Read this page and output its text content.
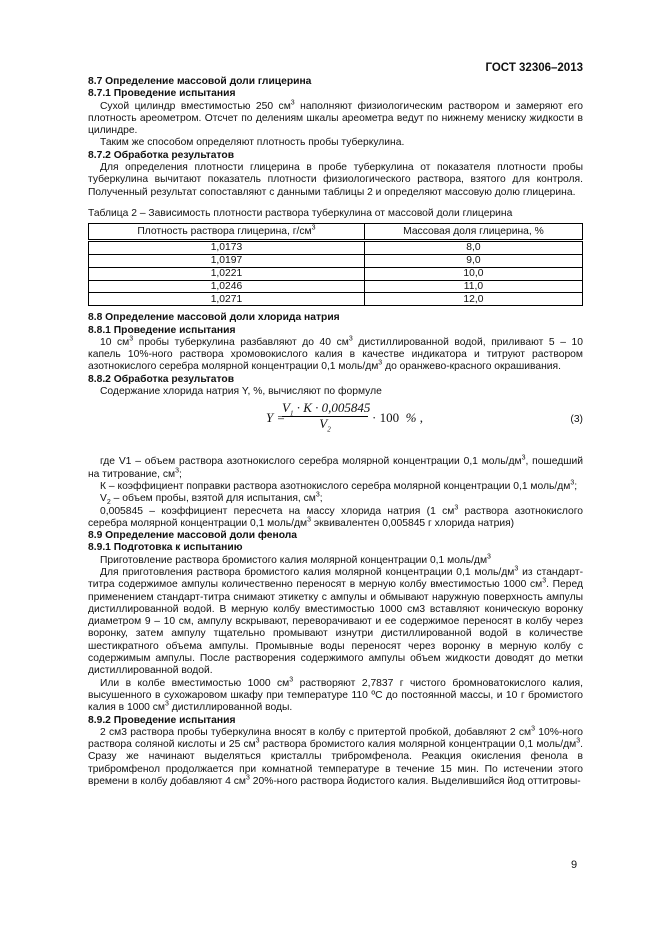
ГОСТ 32306–2013

8.7 Определение массовой доли глицерина

8.7.1 Проведение испытания

Сухой цилиндр вместимостью 250 $см^3$ наполняют физиологическим раствором и замеряют его плотность ареометром. Отсчет по делениям шкалы ареометра ведут по нижнему мениску жидкости в цилиндре.

Таким же способом определяют плотность пробы туберкулина.

8.7.2 Обработка результатов

Для определения плотности глицерина в пробе туберкулина от показателя плотности пробы туберкулина вычитают показатель плотности физиологического раствора, взятого для контроля. Полученный результат сопоставляют с данными таблицы 2 и определяют массовую долю глицерина.

Таблица 2 – Зависимость плотности раствора туберкулина от массовой доли глицерина

Плотность раствора глицерина, $г/см^3$	Массовая доля глицерина, %
1,0173	8,0
1,0197	9,0
1,0221	10,0
1,0246	11,0
1,0271	12,0

8.8 Определение массовой доли хлорида натрия

8.8.1 Проведение испытания

10 $см^3$ пробы туберкулина разбавляют до 40 $см^3$ дистиллированной водой, приливают 5 – 10 капель 10%-ного раствора хромовокислого калия в качестве индикатора и титруют раствором азотнокислого серебра молярной концентрации 0,1 моль/$дм^3$ до оранжево-красного окрашивания.

8.8.2 Обработка результатов

Содержание хлорида натрия Y, %, вычисляют по формуле

Y =
$\frac{V_1 \cdot K \cdot 0,005845}{V_2} \cdot 100$ % ,	(3)

где V1 – объем раствора азотнокислого серебра молярной концентрации 0,1 моль/$дм^3$, пошедший на титрование, $см^3$;

К – коэффициент поправки раствора азотнокислого серебра молярной концентрации 0,1 моль/$дм^3$;

$V_2$ – объем пробы, взятой для испытания, $см^3$;

0,005845 – коэффициент пересчета на массу хлорида натрия (1 $см^3$ раствора азотнокислого серебра молярной концентрации 0,1 моль/$дм^3$ эквивалентен 0,005845 г хлорида натрия)

8.9 Определение массовой доли фенола

8.9.1 Подготовка к испытанию

Приготовление раствора бромистого калия молярной концентрации 0,1 моль/$дм^3$

Для приготовления раствора бромистого калия молярной концентрации 0,1 моль/$дм^3$ из стандарт-титра содержимое ампулы количественно переносят в мерную колбу вместимостью 1000 $см^3$. Перед применением стандарт-титра снимают этикетку с ампулы и обмывают наружную поверхность ампулы дистиллированной водой. В мерную колбу вместимостью 1000 см3 вставляют коническую воронку диаметром 9 – 10 см, ампулу вскрывают, переворачивают и ее содержимое переносят в колбу через воронку, затем ампулу тщательно промывают изнутри дистиллированной водой в количестве шестикратного объема ампулы. Промывные воды переносят через воронку в мерную колбу с содержимым ампулы. После растворения содержимого ампулы объем жидкости доводят до метки дистиллированной водой.

Или в колбе вместимостью 1000 $см^3$ растворяют 2,7837 г чистого бромноватокислого калия, высушенного в сухожаровом шкафу при температуре 110 ºС до постоянной массы, и 10 г бромистого калия в 1000 $см^3$ дистиллированной воды.

8.9.2 Проведение испытания

2 см3 раствора пробы туберкулина вносят в колбу с притертой пробкой, добавляют 2 $см^3$ 10%-ного раствора соляной кислоты и 25 $см^3$ раствора бромистого калия молярной концентрации 0,1 моль/$дм^3$. Сразу же начинают выделяться кристаллы трибромфенола. Реакция окисления фенола в трибромфенол продолжается при комнатной температуре в течение 15 мин. По истечении этого времени в колбу добавляют 4 $см^3$ 20%-ного раствора йодистого калия. Выделившийся йод оттитровы-

9
